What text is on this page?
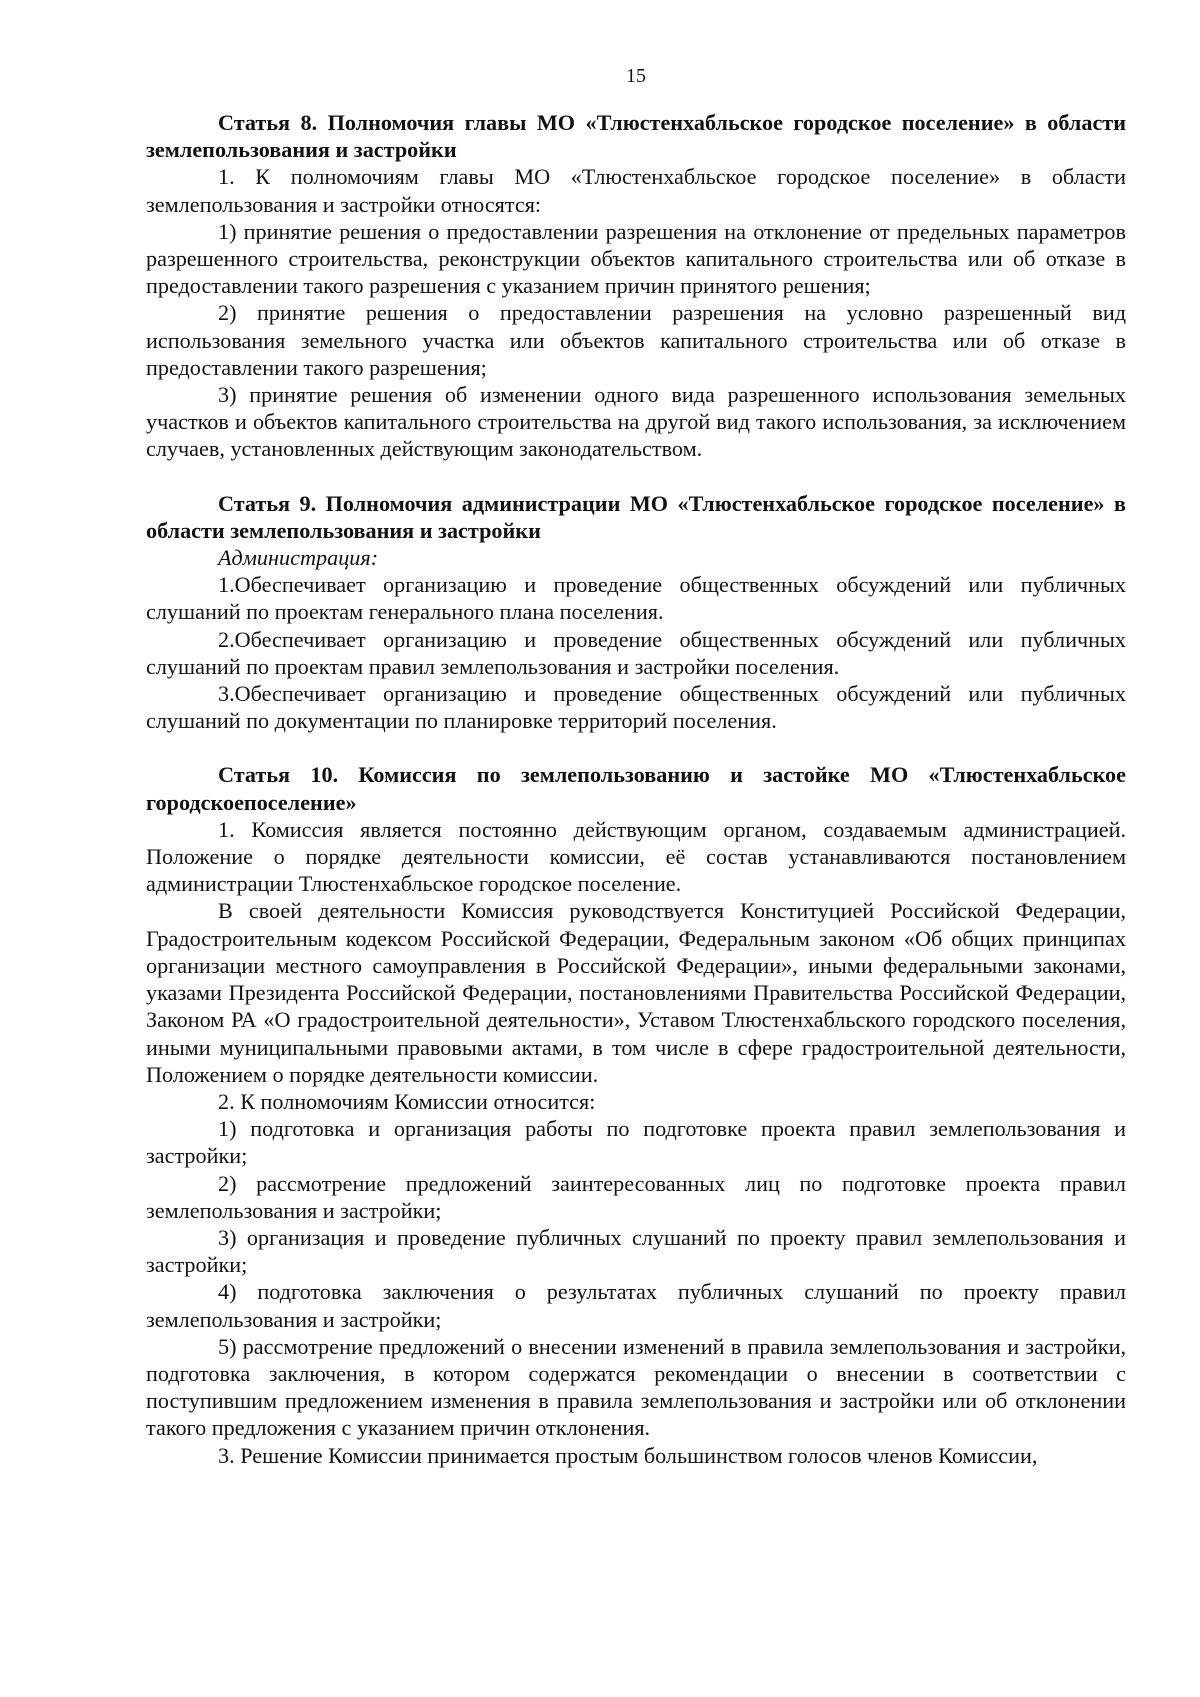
15

Статья 8. Полномочия главы МО «Тлюстенхабльское городское поселение» в области землепользования и застройки

1. К полномочиям главы МО «Тлюстенхабльское городское поселение» в области землепользования и застройки относятся:

1) принятие решения о предоставлении разрешения на отклонение от предельных параметров разрешенного строительства, реконструкции объектов капитального строительства или об отказе в предоставлении такого разрешения с указанием причин принятого решения;

2) принятие решения о предоставлении разрешения на условно разрешенный вид использования земельного участка или объектов капитального строительства или об отказе в предоставлении такого разрешения;

3) принятие решения об изменении одного вида разрешенного использования земельных участков и объектов капитального строительства на другой вид такого использования, за исключением случаев, установленных действующим законодательством.

Статья 9. Полномочия администрации МО «Тлюстенхабльское городское поселение» в области землепользования и застройки

Администрация:

1.Обеспечивает организацию и проведение общественных обсуждений или публичных слушаний по проектам генерального плана поселения.

2.Обеспечивает организацию и проведение общественных обсуждений или публичных слушаний по проектам правил землепользования и застройки поселения.

3.Обеспечивает организацию и проведение общественных обсуждений или публичных слушаний по документации по планировке территорий поселения.

Статья 10. Комиссия по землепользованию и застойке МО «Тлюстенхабльское городскоепоселение»

1. Комиссия является постоянно действующим органом, создаваемым администрацией. Положение о порядке деятельности комиссии, её состав устанавливаются постановлением администрации Тлюстенхабльское городское поселение.

В своей деятельности Комиссия руководствуется Конституцией Российской Федерации, Градостроительным кодексом Российской Федерации, Федеральным законом «Об общих принципах организации местного самоуправления в Российской Федерации», иными федеральными законами, указами Президента Российской Федерации, постановлениями Правительства Российской Федерации, Законом РА «О градостроительной деятельности», Уставом Тлюстенхабльского городского поселения, иными муниципальными правовыми актами, в том числе в сфере градостроительной деятельности, Положением о порядке деятельности комиссии.

2. К полномочиям Комиссии относится:

1) подготовка и организация работы по подготовке проекта правил землепользования и застройки;

2) рассмотрение предложений заинтересованных лиц по подготовке проекта правил землепользования и застройки;

3) организация и проведение публичных слушаний по проекту правил землепользования и застройки;

4) подготовка заключения о результатах публичных слушаний по проекту правил землепользования и застройки;

5) рассмотрение предложений о внесении изменений в правила землепользования и застройки, подготовка заключения, в котором содержатся рекомендации о внесении в соответствии с поступившим предложением изменения в правила землепользования и застройки или об отклонении такого предложения с указанием причин отклонения.

3. Решение Комиссии принимается простым большинством голосов членов Комиссии,
